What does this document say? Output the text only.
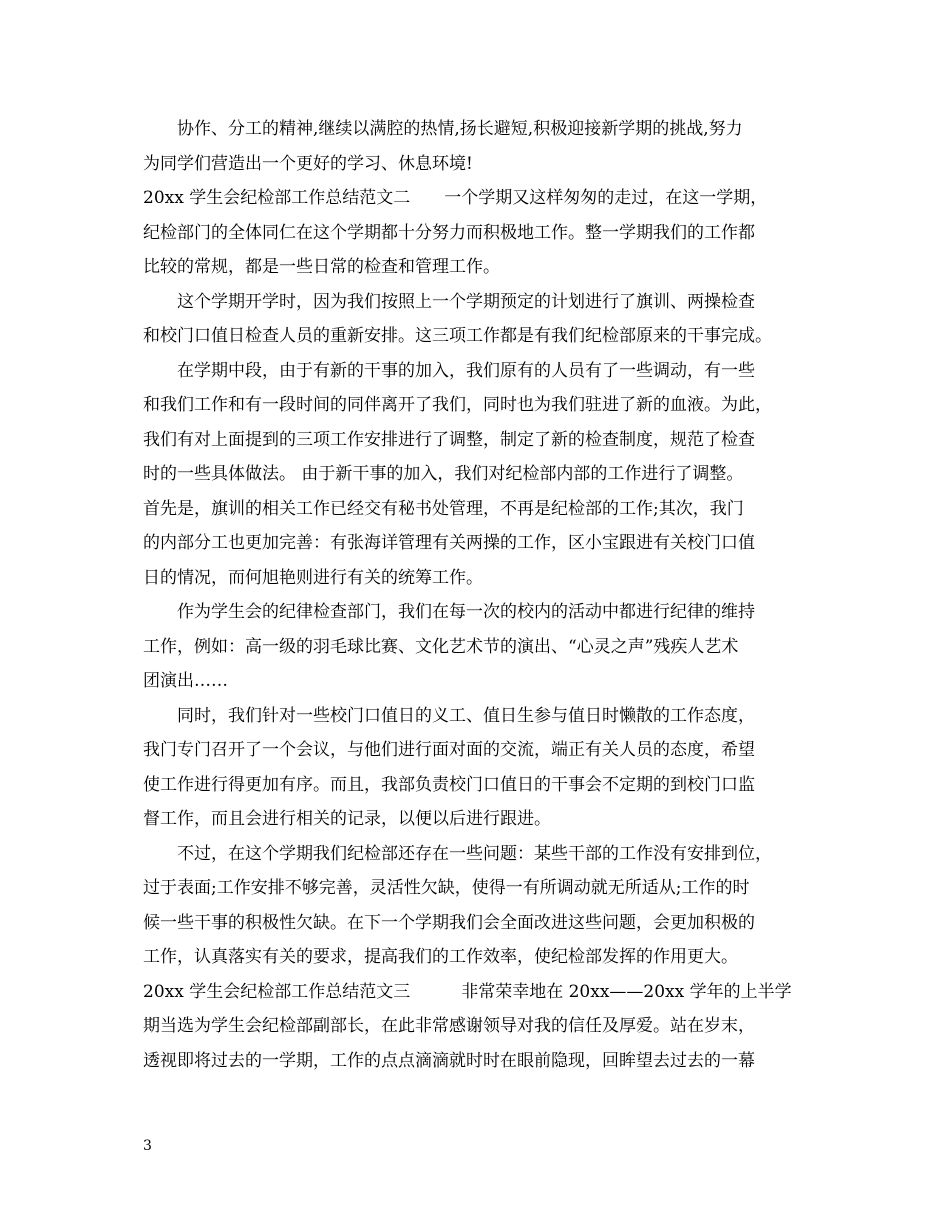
协作、分工的精神,继续以满腔的热情,扬长避短,积极迎接新学期的挑战,努力
为同学们营造出一个更好的学习、休息环境!
20xx 学生会纪检部工作总结范文二　　一个学期又这样匆匆的走过，在这一学期，
纪检部门的全体同仁在这个学期都十分努力而积极地工作。整一学期我们的工作都
比较的常规，都是一些日常的检查和管理工作。
这个学期开学时，因为我们按照上一个学期预定的计划进行了旗训、两操检查
和校门口值日检查人员的重新安排。这三项工作都是有我们纪检部原来的干事完成。
在学期中段，由于有新的干事的加入，我们原有的人员有了一些调动，有一些
和我们工作和有一段时间的同伴离开了我们，同时也为我们驻进了新的血液。为此，
我们有对上面提到的三项工作安排进行了调整，制定了新的检查制度，规范了检查
时的一些具体做法。 由于新干事的加入，我们对纪检部内部的工作进行了调整。
首先是，旗训的相关工作已经交有秘书处管理，不再是纪检部的工作;其次，我门
的内部分工也更加完善：有张海详管理有关两操的工作，区小宝跟进有关校门口值
日的情况，而何旭艳则进行有关的统筹工作。
作为学生会的纪律检查部门，我们在每一次的校内的活动中都进行纪律的维持
工作，例如：高一级的羽毛球比赛、文化艺术节的演出、“心灵之声”残疾人艺术
团演出……
同时，我们针对一些校门口值日的义工、值日生参与值日时懒散的工作态度，
我门专门召开了一个会议，与他们进行面对面的交流，端正有关人员的态度，希望
使工作进行得更加有序。而且，我部负责校门口值日的干事会不定期的到校门口监
督工作，而且会进行相关的记录，以便以后进行跟进。
不过，在这个学期我们纪检部还存在一些问题：某些干部的工作没有安排到位，
过于表面;工作安排不够完善，灵活性欠缺，使得一有所调动就无所适从;工作的时
候一些干事的积极性欠缺。在下一个学期我们会全面改进这些问题，会更加积极的
工作，认真落实有关的要求，提高我们的工作效率，使纪检部发挥的作用更大。
20xx 学生会纪检部工作总结范文三　　　非常荣幸地在 20xx——20xx 学年的上半学
期当选为学生会纪检部副部长，在此非常感谢领导对我的信任及厚爱。站在岁末，
透视即将过去的一学期，工作的点点滴滴就时时在眼前隐现，回眸望去过去的一幕
3
